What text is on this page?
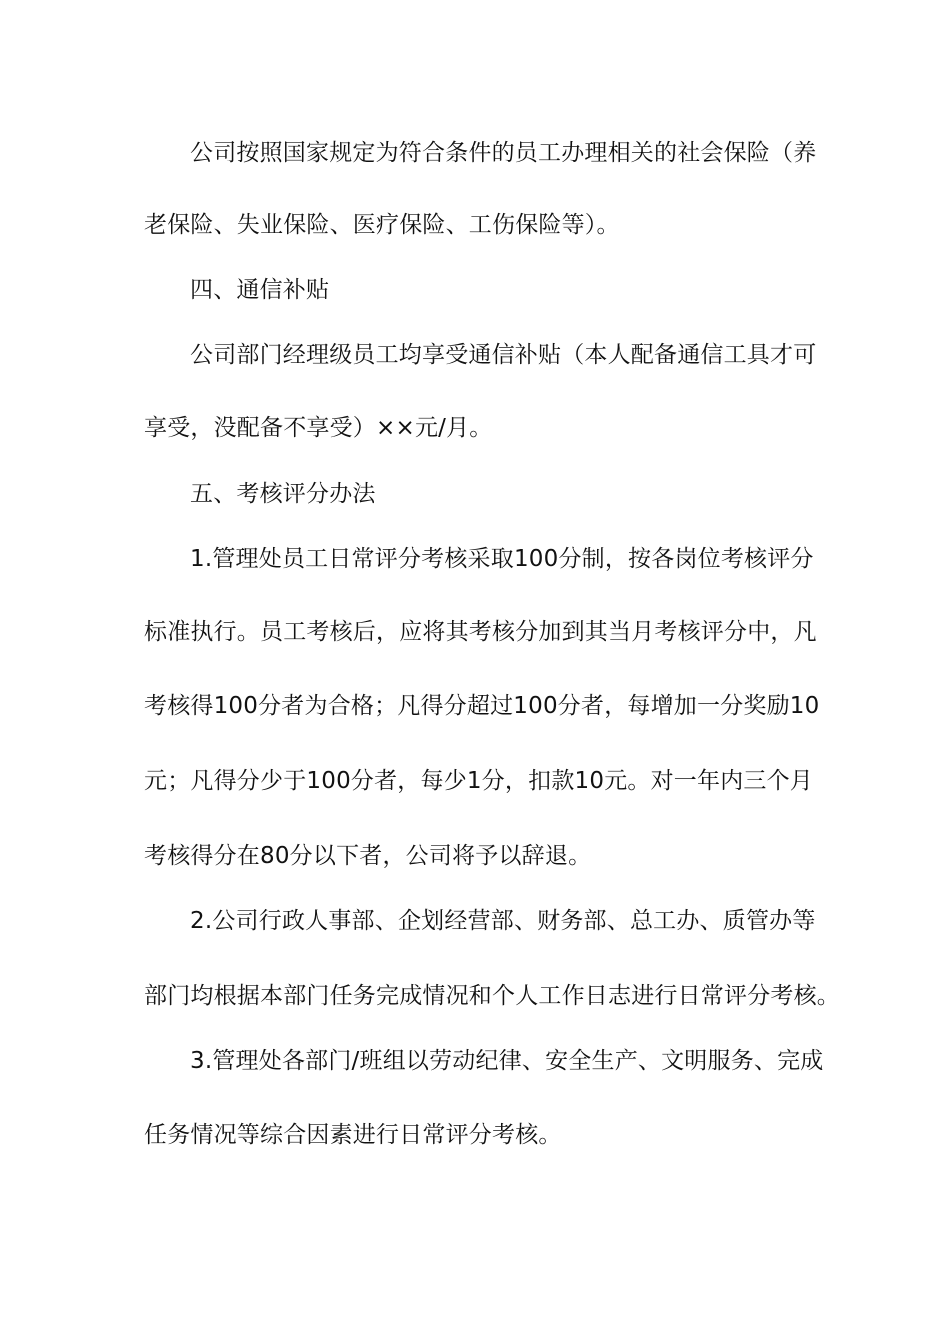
公司按照国家规定为符合条件的员工办理相关的社会保险（养
老保险、失业保险、医疗保险、工伤保险等）。
四、通信补贴
公司部门经理级员工均享受通信补贴（本人配备通信工具才可
享受，没配备不享受）××元/月。
五、考核评分办法
1.管理处员工日常评分考核采取100分制，按各岗位考核评分
标准执行。员工考核后，应将其考核分加到其当月考核评分中，凡
考核得100分者为合格；凡得分超过100分者，每增加一分奖励10
元；凡得分少于100分者，每少1分，扣款10元。对一年内三个月
考核得分在80分以下者，公司将予以辞退。
2.公司行政人事部、企划经营部、财务部、总工办、质管办等
部门均根据本部门任务完成情况和个人工作日志进行日常评分考核。
3.管理处各部门/班组以劳动纪律、安全生产、文明服务、完成
任务情况等综合因素进行日常评分考核。
